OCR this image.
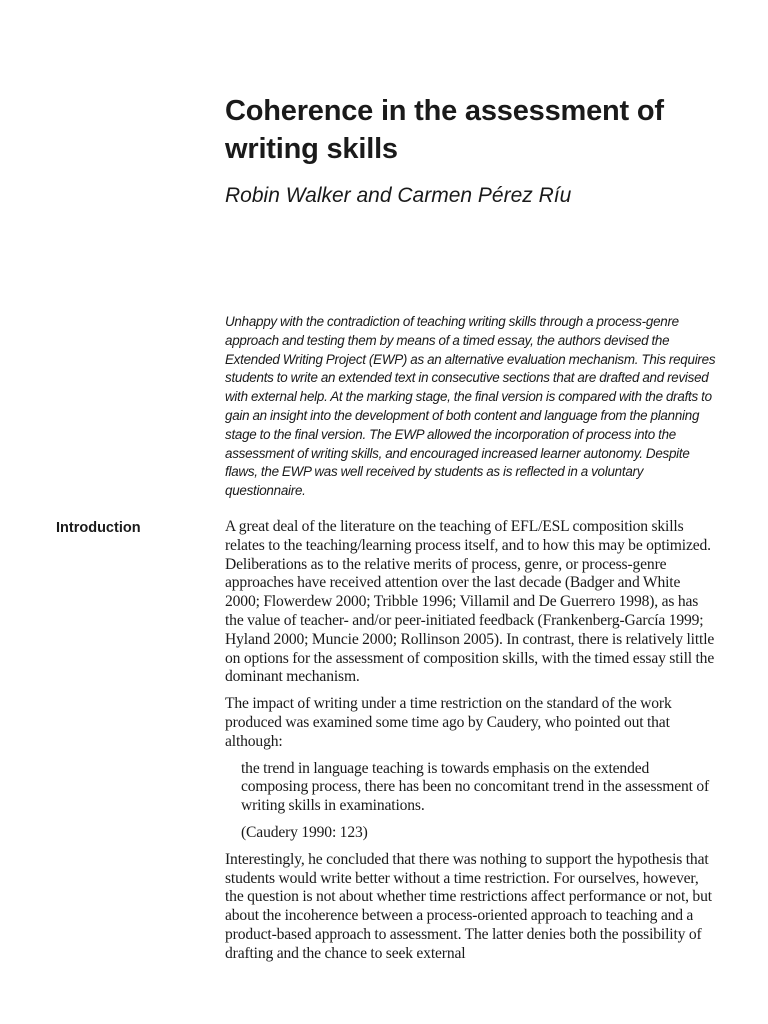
Coherence in the assessment of writing skills

Robin Walker and Carmen Pérez Ríu

Unhappy with the contradiction of teaching writing skills through a process-genre approach and testing them by means of a timed essay, the authors devised the Extended Writing Project (EWP) as an alternative evaluation mechanism. This requires students to write an extended text in consecutive sections that are drafted and revised with external help. At the marking stage, the final version is compared with the drafts to gain an insight into the development of both content and language from the planning stage to the final version. The EWP allowed the incorporation of process into the assessment of writing skills, and encouraged increased learner autonomy. Despite flaws, the EWP was well received by students as is reflected in a voluntary questionnaire.

Introduction	A great deal of the literature on the teaching of EFL/ESL composition skills relates to the teaching/learning process itself, and to how this may be optimized. Deliberations as to the relative merits of process, genre, or process-genre approaches have received attention over the last decade (Badger and White 2000; Flowerdew 2000; Tribble 1996; Villamil and De Guerrero 1998), as has the value of teacher- and/or peer-initiated feedback (Frankenberg-García 1999; Hyland 2000; Muncie 2000; Rollinson 2005). In contrast, there is relatively little on options for the assessment of composition skills, with the timed essay still the dominant mechanism.

The impact of writing under a time restriction on the standard of the work produced was examined some time ago by Caudery, who pointed out that although:

the trend in language teaching is towards emphasis on the extended composing process, there has been no concomitant trend in the assessment of writing skills in examinations.

(Caudery 1990: 123)

Interestingly, he concluded that there was nothing to support the hypothesis that students would write better without a time restriction. For ourselves, however, the question is not about whether time restrictions affect performance or not, but about the incoherence between a process-oriented approach to teaching and a product-based approach to assessment. The latter denies both the possibility of drafting and the chance to seek external
